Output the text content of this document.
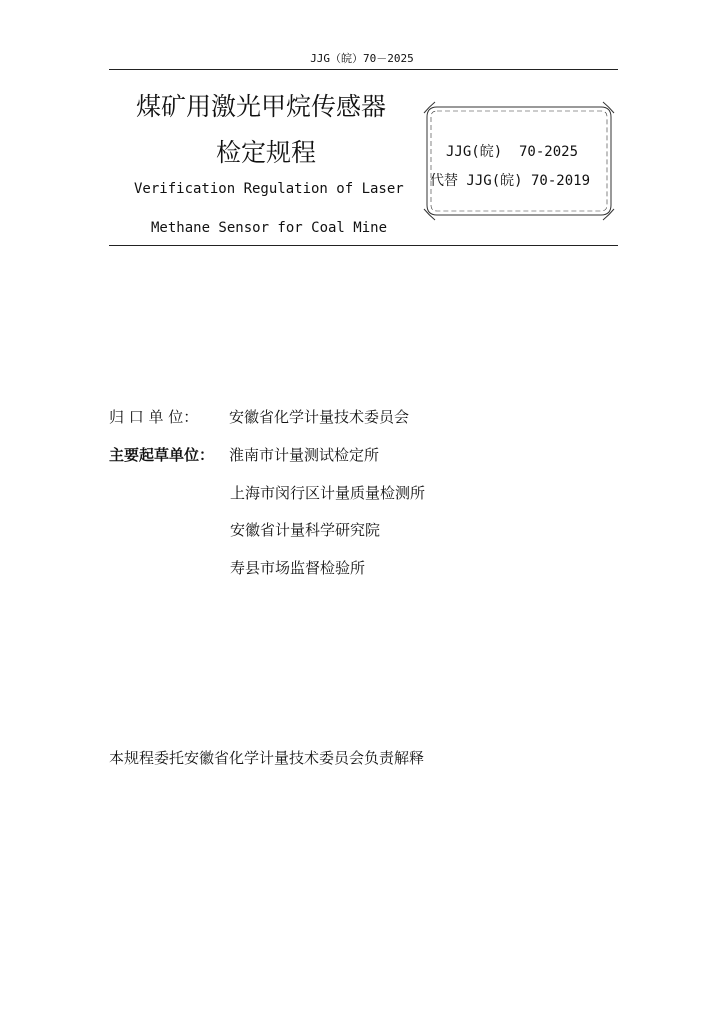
JJG（皖）70－2025
煤矿用激光甲烷传感器
检定规程
Verification Regulation of Laser
Methane Sensor for Coal Mine
JJG(皖)  70-2025
代替 JJG(皖) 70-2019
归 口 单 位： 安徽省化学计量技术委员会
主要起草单位： 淮南市计量测试检定所
上海市闵行区计量质量检测所
安徽省计量科学研究院
寿县市场监督检验所
本规程委托安徽省化学计量技术委员会负责解释
